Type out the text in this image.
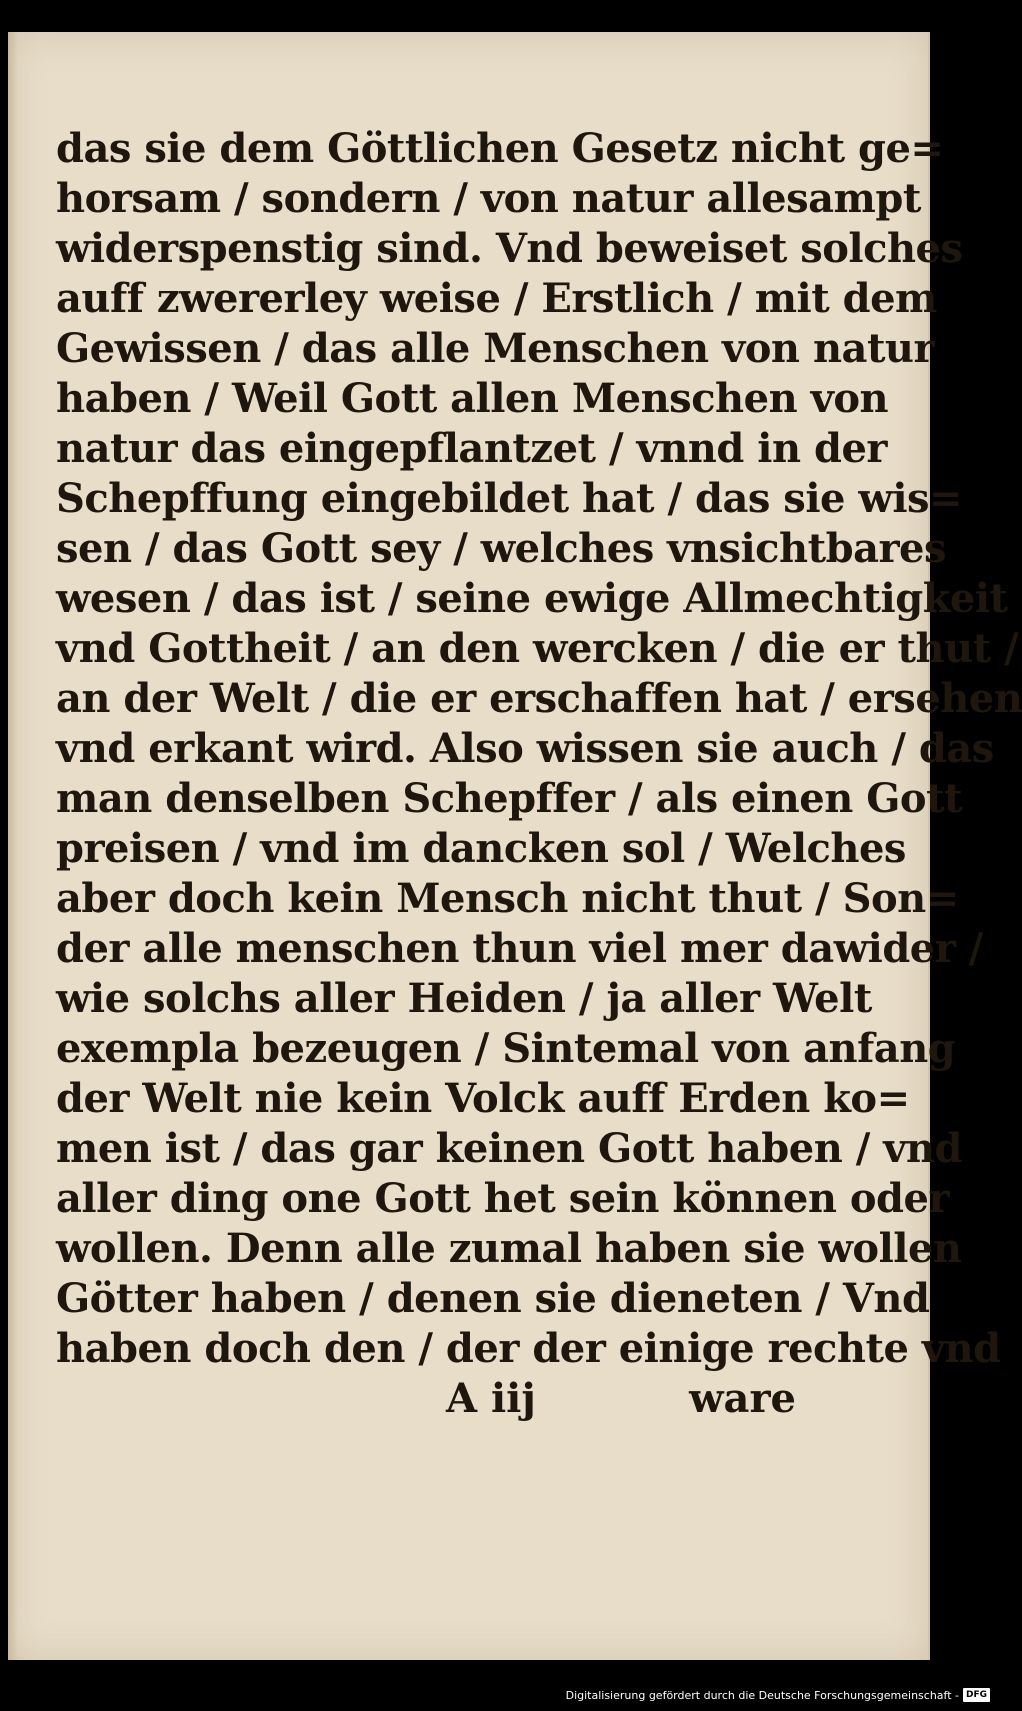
das sie dem Göttlichen Gesetz nicht ge=
horsam / sondern / von natur allesampt
widerspenstig sind. Vnd beweiset solches
auff zwererley weise / Erstlich / mit dem
Gewissen / das alle Menschen von natur
haben / Weil Gott allen Menschen von
natur das eingepflantzet / vnnd in der
Schepffung eingebildet hat / das sie wis=
sen / das Gott sey / welches vnsichtbares
wesen / das ist / seine ewige Allmechtigkeit
vnd Gottheit / an den wercken / die er thut /
an der Welt / die er erschaffen hat / ersehen
vnd erkant wird. Also wissen sie auch / das
man denselben Schepffer / als einen Gott
preisen / vnd im dancken sol / Welches
aber doch kein Mensch nicht thut / Son=
der alle menschen thun viel mer dawider /
wie solchs aller Heiden / ja aller Welt
exempla bezeugen / Sintemal von anfang
der Welt nie kein Volck auff Erden ko=
men ist / das gar keinen Gott haben / vnd
aller ding one Gott het sein können oder
wollen. Denn alle zumal haben sie wollen
Götter haben / denen sie dieneten / Vnd
haben doch den / der der einige rechte vnd
A iij	ware
Digitalisierung gefördert durch die Deutsche Forschungsgemeinschaft - DFG
